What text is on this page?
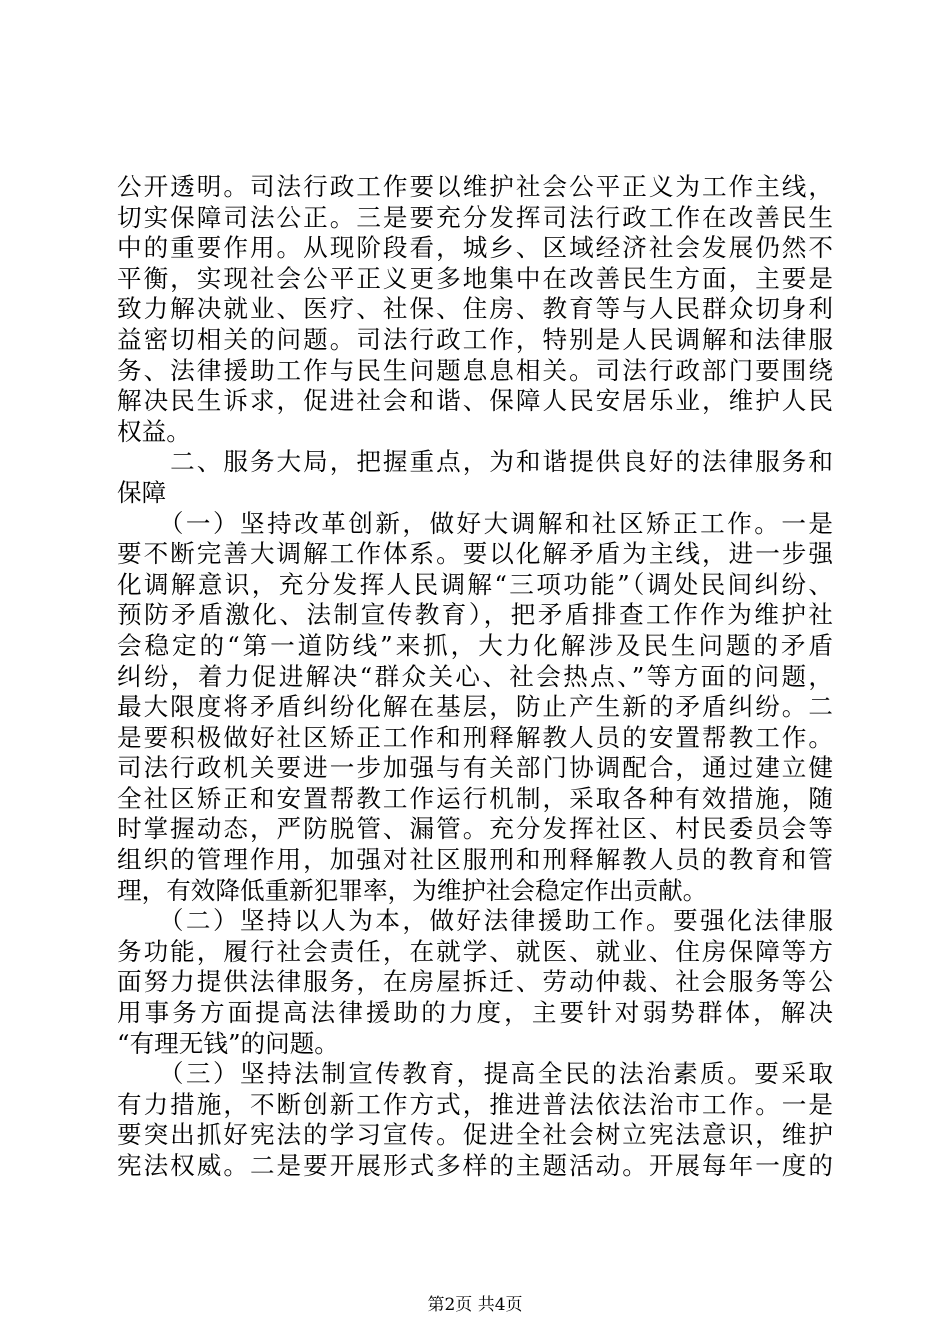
公开透明。司法行政工作要以维护社会公平正义为工作主线，
切实保障司法公正。三是要充分发挥司法行政工作在改善民生
中的重要作用。从现阶段看，城乡、区域经济社会发展仍然不
平衡，实现社会公平正义更多地集中在改善民生方面，主要是
致力解决就业、医疗、社保、住房、教育等与人民群众切身利
益密切相关的问题。司法行政工作，特别是人民调解和法律服
务、法律援助工作与民生问题息息相关。司法行政部门要围绕
解决民生诉求，促进社会和谐、保障人民安居乐业，维护人民
权益。
　　二、服务大局，把握重点，为和谐提供良好的法律服务和
保障
　　（一）坚持改革创新，做好大调解和社区矫正工作。一是
要不断完善大调解工作体系。要以化解矛盾为主线，进一步强
化调解意识，充分发挥人民调解“三项功能”（调处民间纠纷、
预防矛盾激化、法制宣传教育），把矛盾排查工作作为维护社
会稳定的“第一道防线”来抓，大力化解涉及民生问题的矛盾
纠纷，着力促进解决“群众关心、社会热点、”等方面的问题，
最大限度将矛盾纠纷化解在基层，防止产生新的矛盾纠纷。二
是要积极做好社区矫正工作和刑释解教人员的安置帮教工作。
司法行政机关要进一步加强与有关部门协调配合，通过建立健
全社区矫正和安置帮教工作运行机制，采取各种有效措施，随
时掌握动态，严防脱管、漏管。充分发挥社区、村民委员会等
组织的管理作用，加强对社区服刑和刑释解教人员的教育和管
理，有效降低重新犯罪率，为维护社会稳定作出贡献。
　　（二）坚持以人为本，做好法律援助工作。要强化法律服
务功能，履行社会责任，在就学、就医、就业、住房保障等方
面努力提供法律服务，在房屋拆迁、劳动仲裁、社会服务等公
用事务方面提高法律援助的力度，主要针对弱势群体，解决
“有理无钱”的问题。
　　（三）坚持法制宣传教育，提高全民的法治素质。要采取
有力措施，不断创新工作方式，推进普法依法治市工作。一是
要突出抓好宪法的学习宣传。促进全社会树立宪法意识，维护
宪法权威。二是要开展形式多样的主题活动。开展每年一度的
第2页 共4页
